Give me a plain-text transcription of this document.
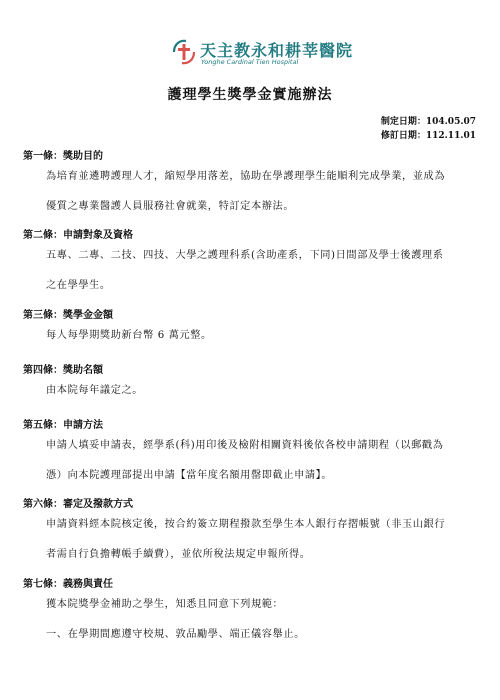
天主教永和耕莘醫院
Yonghe Cardinal Tien Hospital
護理學生獎學金實施辦法
制定日期：104.05.07
修訂日期：112.11.01
第一條：獎助目的
為培育並遴聘護理人才，縮短學用落差，協助在學護理學生能順利完成學業，並成為
優質之專業醫護人員服務社會就業，特訂定本辦法。
第二條：申請對象及資格
五專、二專、二技、四技、大學之護理科系(含助產系，下同)日間部及學士後護理系
之在學學生。
第三條：獎學金金額
每人每學期獎助新台幣 6 萬元整。
第四條：獎助名額
由本院每年議定之。
第五條：申請方法
申請人填妥申請表，經學系(科)用印後及檢附相關資料後依各校申請期程（以郵戳為
憑）向本院護理部提出申請【當年度名額用罄即截止申請】。
第六條：審定及撥款方式
申請資料經本院核定後，按合約簽立期程撥款至學生本人銀行存摺帳號（非玉山銀行
者需自行負擔轉帳手續費），並依所稅法規定申報所得。
第七條：義務與責任
獲本院獎學金補助之學生，知悉且同意下列規範：
一、在學期間應遵守校規、敦品勵學、端正儀容舉止。
